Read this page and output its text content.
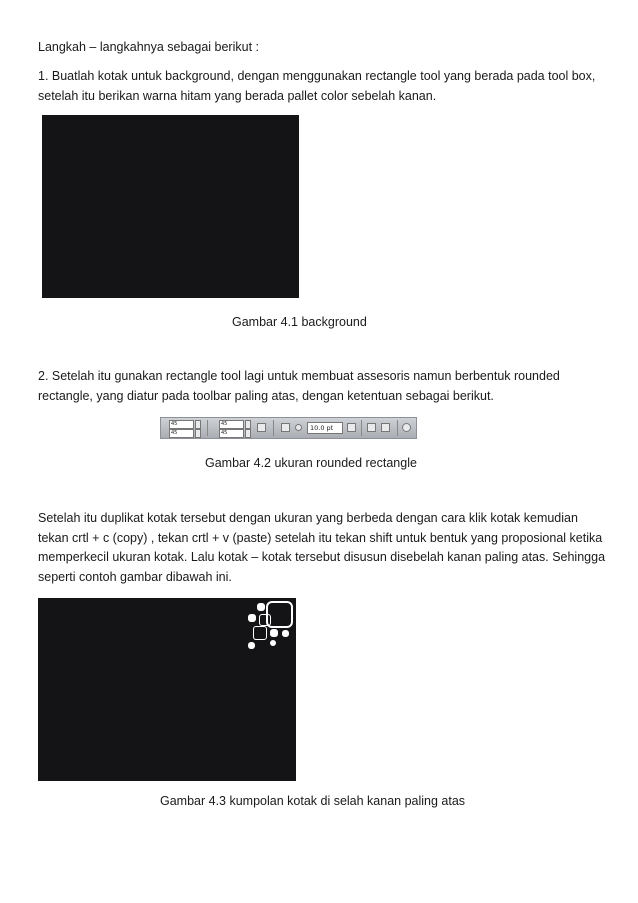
Langkah – langkahnya sebagai berikut :
1. Buatlah kotak untuk background, dengan menggunakan rectangle tool yang berada pada tool box, setelah itu berikan warna hitam yang berada pallet color sebelah kanan.
Gambar 4.1 background
2. Setelah itu gunakan rectangle tool lagi untuk membuat assesoris namun berbentuk rounded rectangle, yang diatur pada toolbar paling atas, dengan ketentuan sebagai berikut.
45
45
45
45
10.0 pt
Gambar 4.2 ukuran rounded rectangle
Setelah itu duplikat kotak tersebut dengan ukuran yang berbeda dengan cara klik kotak kemudian tekan crtl + c (copy) , tekan crtl + v (paste) setelah itu tekan shift untuk bentuk yang proposional ketika memperkecil ukuran kotak. Lalu kotak – kotak tersebut disusun disebelah kanan paling atas. Sehingga seperti contoh gambar dibawah ini.
Gambar 4.3 kumpolan kotak di selah kanan paling atas
